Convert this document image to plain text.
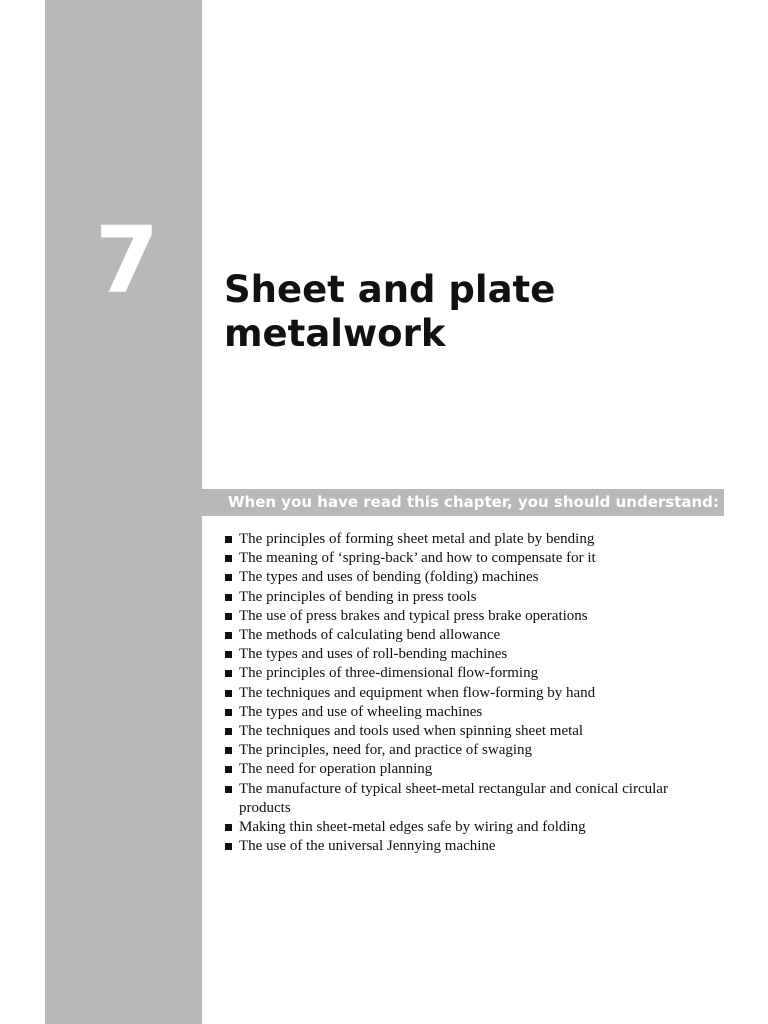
7 Sheet and plate
metalwork
When you have read this chapter, you should understand:
The principles of forming sheet metal and plate by bending
The meaning of ‘spring-back’ and how to compensate for it
The types and uses of bending (folding) machines
The principles of bending in press tools
The use of press brakes and typical press brake operations
The methods of calculating bend allowance
The types and uses of roll-bending machines
The principles of three-dimensional flow-forming
The techniques and equipment when flow-forming by hand
The types and use of wheeling machines
The techniques and tools used when spinning sheet metal
The principles, need for, and practice of swaging
The need for operation planning
The manufacture of typical sheet-metal rectangular and conical circular products
Making thin sheet-metal edges safe by wiring and folding
The use of the universal Jennying machine
